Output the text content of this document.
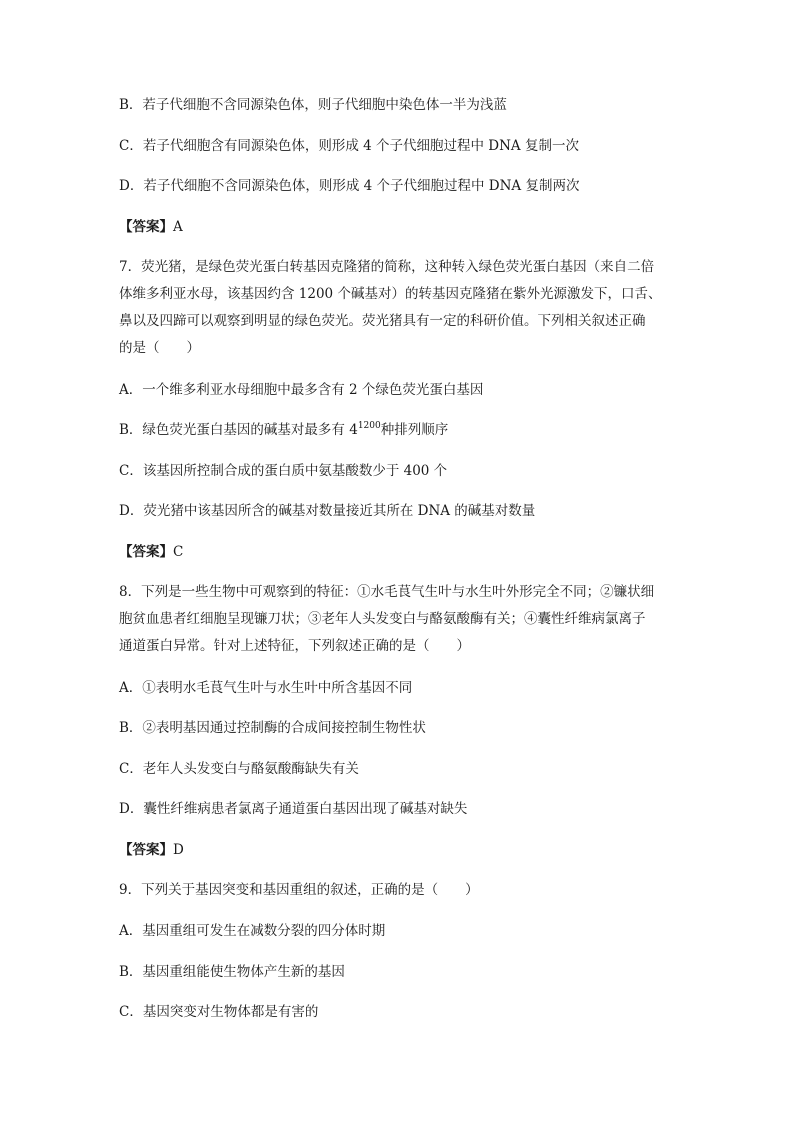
B．若子代细胞不含同源染色体，则子代细胞中染色体一半为浅蓝
C．若子代细胞含有同源染色体，则形成 4 个子代细胞过程中 DNA 复制一次
D．若子代细胞不含同源染色体，则形成 4 个子代细胞过程中 DNA 复制两次
【答案】A
7．荧光猪，是绿色荧光蛋白转基因克隆猪的简称，这种转入绿色荧光蛋白基因（来自二倍
体维多利亚水母，该基因约含 1200 个碱基对）的转基因克隆猪在紫外光源激发下，口舌、
鼻以及四蹄可以观察到明显的绿色荧光。荧光猪具有一定的科研价值。下列相关叙述正确
的是（　　）
A．一个维多利亚水母细胞中最多含有 2 个绿色荧光蛋白基因
B．绿色荧光蛋白基因的碱基对最多有 $4^{1200}$种排列顺序
C．该基因所控制合成的蛋白质中氨基酸数少于 400 个
D．荧光猪中该基因所含的碱基对数量接近其所在 DNA 的碱基对数量
【答案】C
8．下列是一些生物中可观察到的特征：①水毛茛气生叶与水生叶外形完全不同；②镰状细
胞贫血患者红细胞呈现镰刀状；③老年人头发变白与酪氨酸酶有关；④囊性纤维病氯离子
通道蛋白异常。针对上述特征，下列叙述正确的是（　　）
A．①表明水毛茛气生叶与水生叶中所含基因不同
B．②表明基因通过控制酶的合成间接控制生物性状
C．老年人头发变白与酪氨酸酶缺失有关
D．囊性纤维病患者氯离子通道蛋白基因出现了碱基对缺失
【答案】D
9．下列关于基因突变和基因重组的叙述，正确的是（　　）
A．基因重组可发生在减数分裂的四分体时期
B．基因重组能使生物体产生新的基因
C．基因突变对生物体都是有害的
